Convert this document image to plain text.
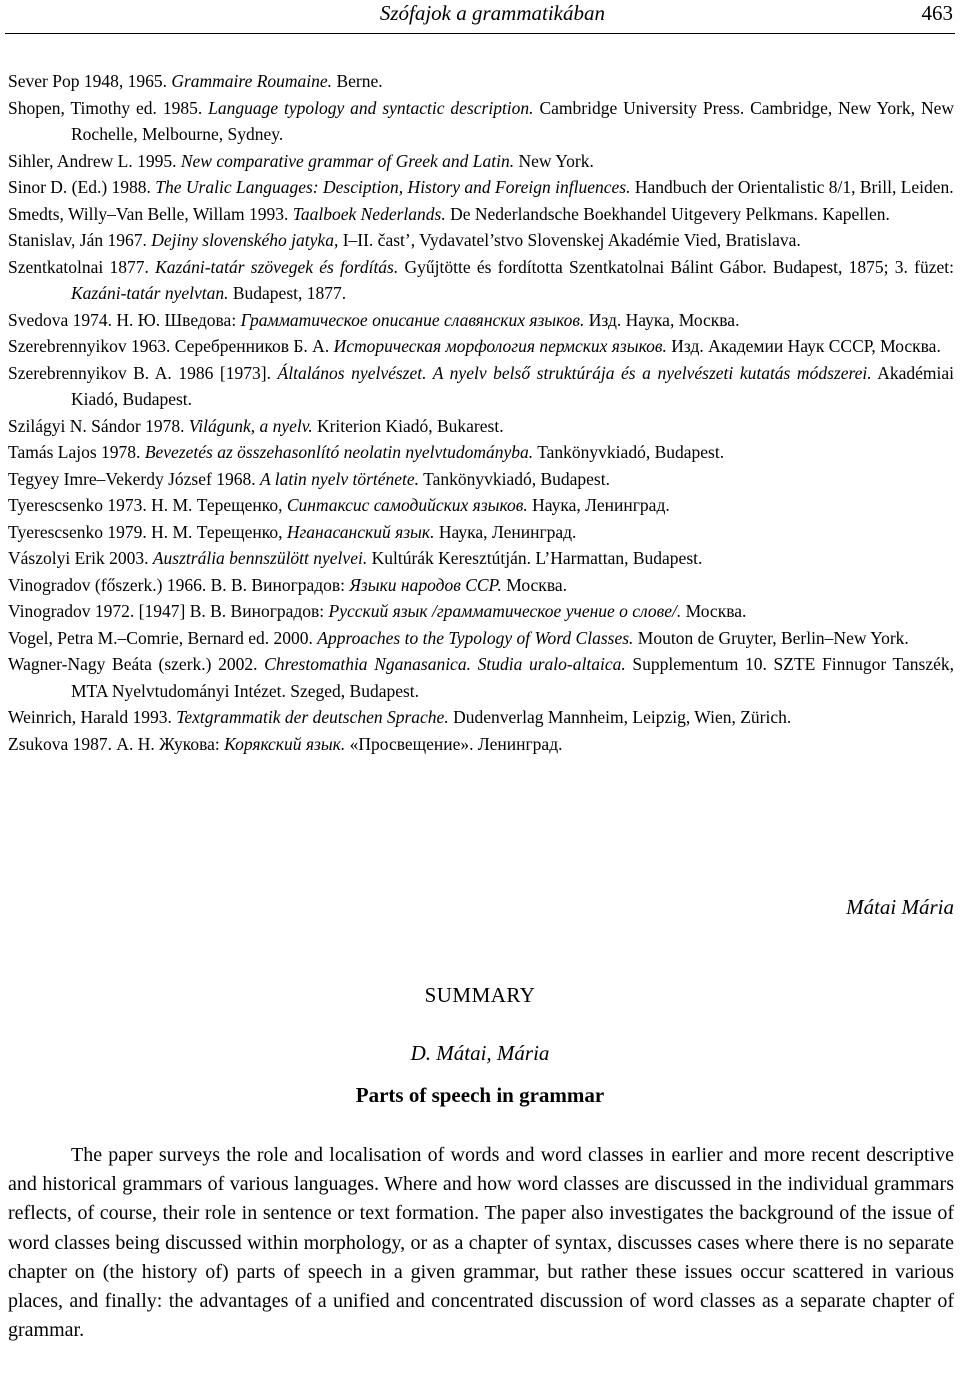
Szófajok a grammatikában	463

Sever Pop 1948, 1965. Grammaire Roumaine. Berne.

Shopen, Timothy ed. 1985. Language typology and syntactic description. Cambridge University Press. Cambridge, New York, New Rochelle, Melbourne, Sydney.

Sihler, Andrew L. 1995. New comparative grammar of Greek and Latin. New York.

Sinor D. (Ed.) 1988. The Uralic Languages: Desciption, History and Foreign influences. Handbuch der Orientalistic 8/1, Brill, Leiden.

Smedts, Willy–Van Belle, Willam 1993. Taalboek Nederlands. De Nederlandsche Boekhandel Uitgevery Pelkmans. Kapellen.

Stanislav, Ján 1967. Dejiny slovenského jatyka, I–II. čast’, Vydavatel’stvo Slovenskej Akadémie Vied, Bratislava.

Szentkatolnai 1877. Kazáni-tatár szövegek és fordítás. Gyűjtötte és fordította Szentkatolnai Bálint Gábor. Budapest, 1875; 3. füzet: Kazáni-tatár nyelvtan. Budapest, 1877.

Svedova 1974. Н. Ю. Шведова: Грамматическое описание славянских языков. Изд. Наука, Москва.

Szerebrennyikov 1963. Серебренников Б. А. Историческая морфология пермских языков. Изд. Академии Наук СССР, Москва.

Szerebrennyikov B. A. 1986 [1973]. Általános nyelvészet. A nyelv belső struktúrája és a nyelvészeti kutatás módszerei. Akadémiai Kiadó, Budapest.

Szilágyi N. Sándor 1978. Világunk, a nyelv. Kriterion Kiadó, Bukarest.

Tamás Lajos 1978. Bevezetés az összehasonlító neolatin nyelvtudományba. Tankönyvkiadó, Budapest.

Tegyey Imre–Vekerdy József 1968. A latin nyelv története. Tankönyvkiadó, Budapest.

Tyerescsenko 1973. Н. М. Терещенко, Синтаксис самодийских языков. Наука, Ленинград.

Tyerescsenko 1979. Н. М. Терещенко, Нганасанский язык. Наука, Ленинград.

Vászolyi Erik 2003. Ausztrália bennszülött nyelvei. Kultúrák Keresztútján. L’Harmattan, Budapest.

Vinogradov (főszerk.) 1966. В. В. Виноградов: Языки народов ССР. Москва.

Vinogradov 1972. [1947] В. В. Виноградов: Русский язык /грамматическое учение о слове/. Москва.

Vogel, Petra M.–Comrie, Bernard ed. 2000. Approaches to the Typology of Word Classes. Mouton de Gruyter, Berlin–New York.

Wagner-Nagy Beáta (szerk.) 2002. Chrestomathia Nganasanica. Studia uralo-altaica. Supplementum 10. SZTE Finnugor Tanszék, MTA Nyelvtudományi Intézet. Szeged, Budapest.

Weinrich, Harald 1993. Textgrammatik der deutschen Sprache. Dudenverlag Mannheim, Leipzig, Wien, Zürich.

Zsukova 1987. А. Н. Жукова: Корякский язык. «Просвещение». Ленинград.

Mátai Mária
SUMMARY
D. Mátai, Mária
Parts of speech in grammar

The paper surveys the role and localisation of words and word classes in earlier and more recent descriptive and historical grammars of various languages. Where and how word classes are discussed in the individual grammars reflects, of course, their role in sentence or text formation. The paper also investigates the background of the issue of word classes being discussed within morphology, or as a chapter of syntax, discusses cases where there is no separate chapter on (the history of) parts of speech in a given grammar, but rather these issues occur scattered in various places, and finally: the advantages of a unified and concentrated discussion of word classes as a separate chapter of grammar.
